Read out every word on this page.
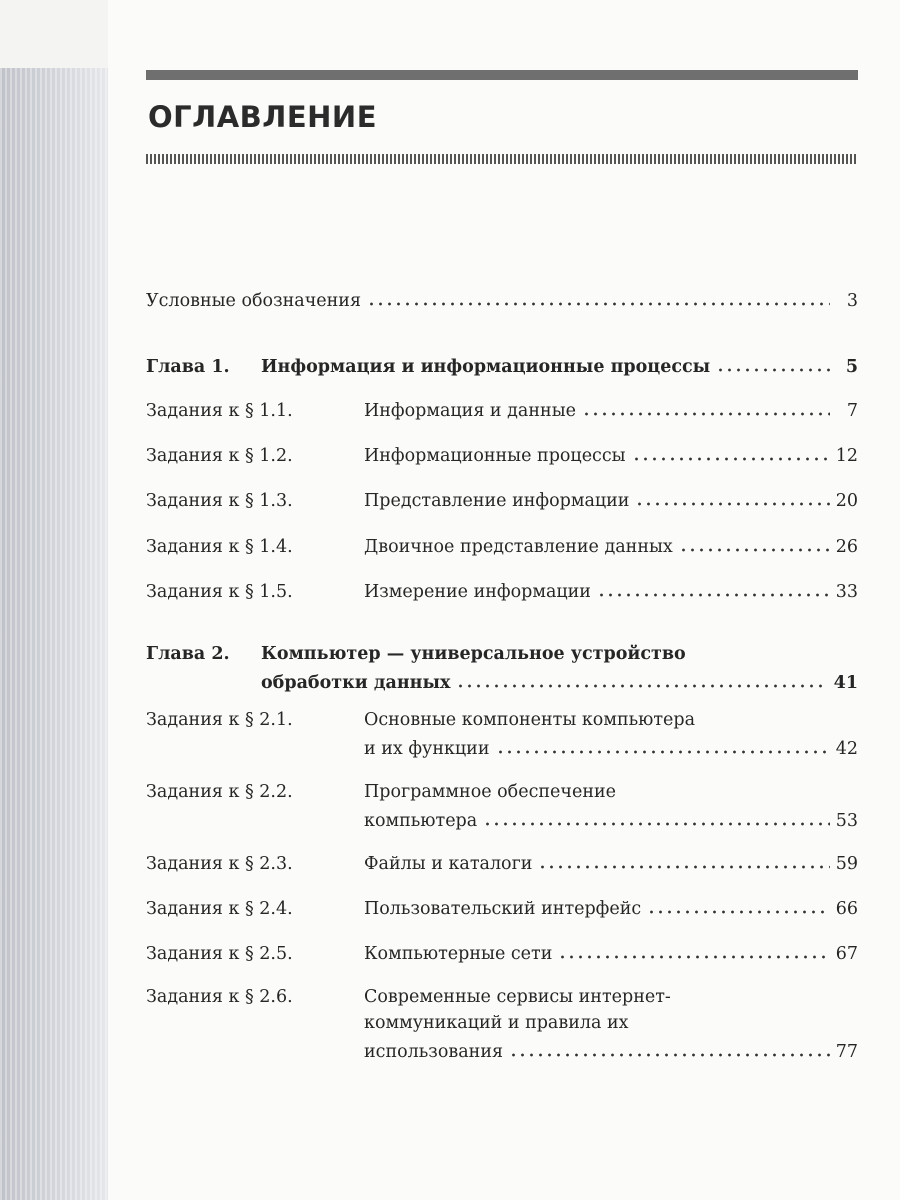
ОГЛАВЛЕНИЕ
Условные обозначения	3
Глава 1.	Информация и информационные процессы	5
Задания к § 1.1.	Информация и данные	7
Задания к § 1.2.	Информационные процессы	12
Задания к § 1.3.	Представление информации	20
Задания к § 1.4.	Двоичное представление данных	26
Задания к § 1.5.	Измерение информации	33
Глава 2.	Компьютер — универсальное устройство
обработки данных	41
Задания к § 2.1.	Основные компоненты компьютера
и их функции	42
Задания к § 2.2.	Программное обеспечение
компьютера	53
Задания к § 2.3.	Файлы и каталоги	59
Задания к § 2.4.	Пользовательский интерфейс	66
Задания к § 2.5.	Компьютерные сети	67
Задания к § 2.6.	Современные сервисы интернет-
коммуникаций и правила их
использования	77
